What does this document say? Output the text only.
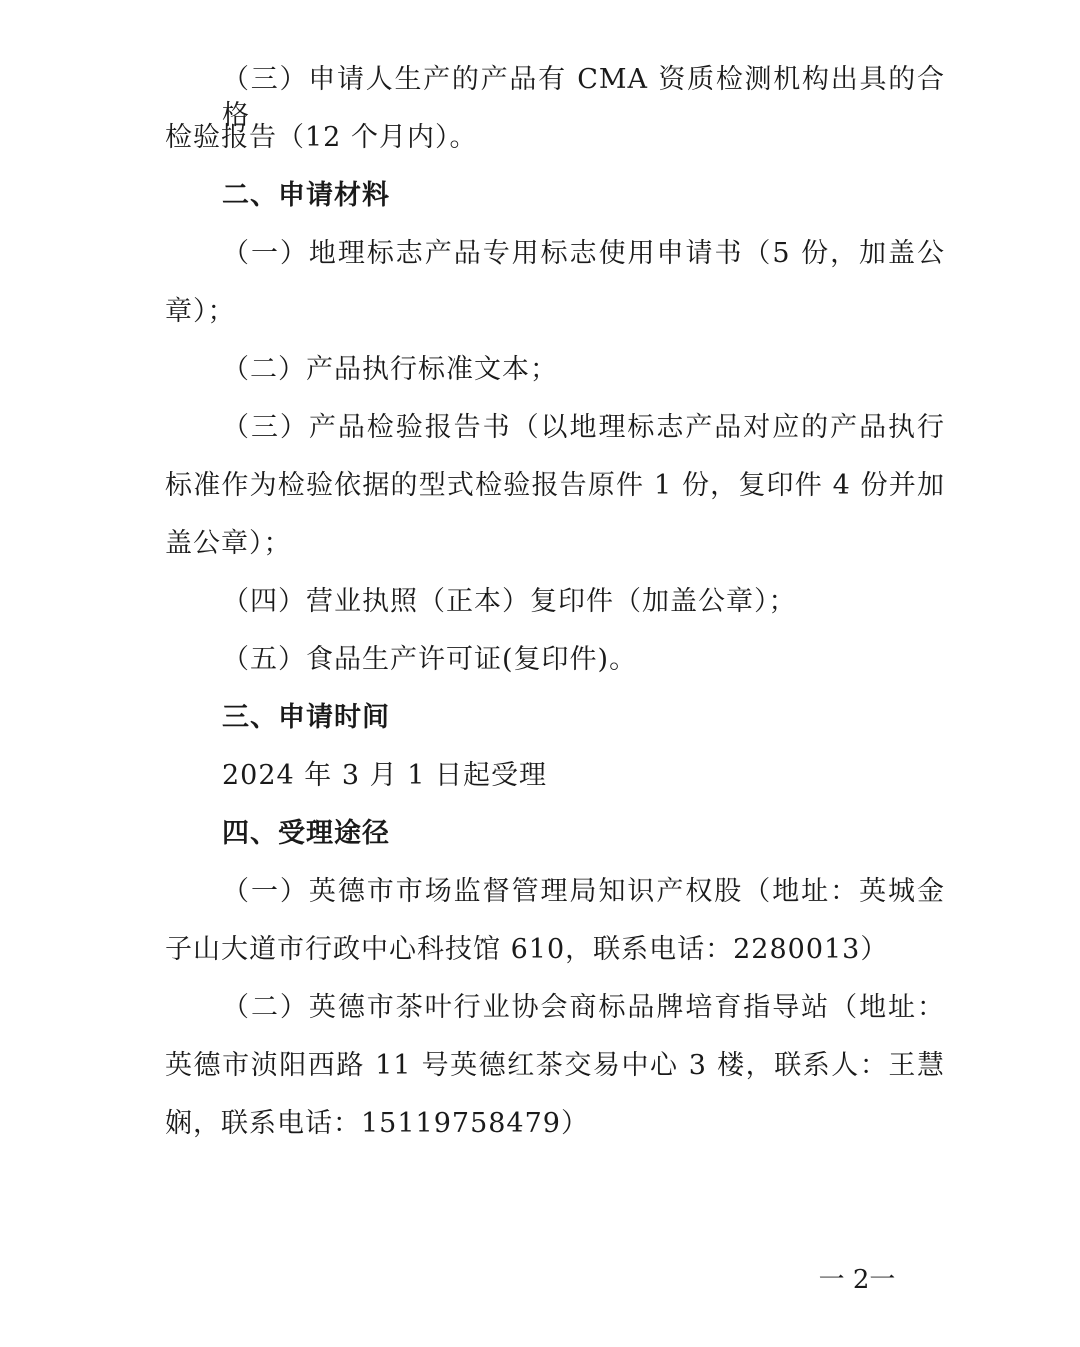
（三）申请人生产的产品有 CMA 资质检测机构出具的合格
检验报告（12 个月内）。
二、申请材料
（一）地理标志产品专用标志使用申请书（5 份，加盖公
章）；
（二）产品执行标准文本；
（三）产品检验报告书（以地理标志产品对应的产品执行
标准作为检验依据的型式检验报告原件 1 份，复印件 4 份并加
盖公章）；
（四）营业执照（正本）复印件（加盖公章）；
（五）食品生产许可证(复印件)。
三、申请时间
2024 年 3 月 1 日起受理
四、受理途径
（一）英德市市场监督管理局知识产权股（地址：英城金
子山大道市行政中心科技馆 610，联系电话：2280013）
（二）英德市茶叶行业协会商标品牌培育指导站（地址：
英德市浈阳西路 11 号英德红茶交易中心 3 楼，联系人：王慧
娴，联系电话：15119758479）
一 2一
